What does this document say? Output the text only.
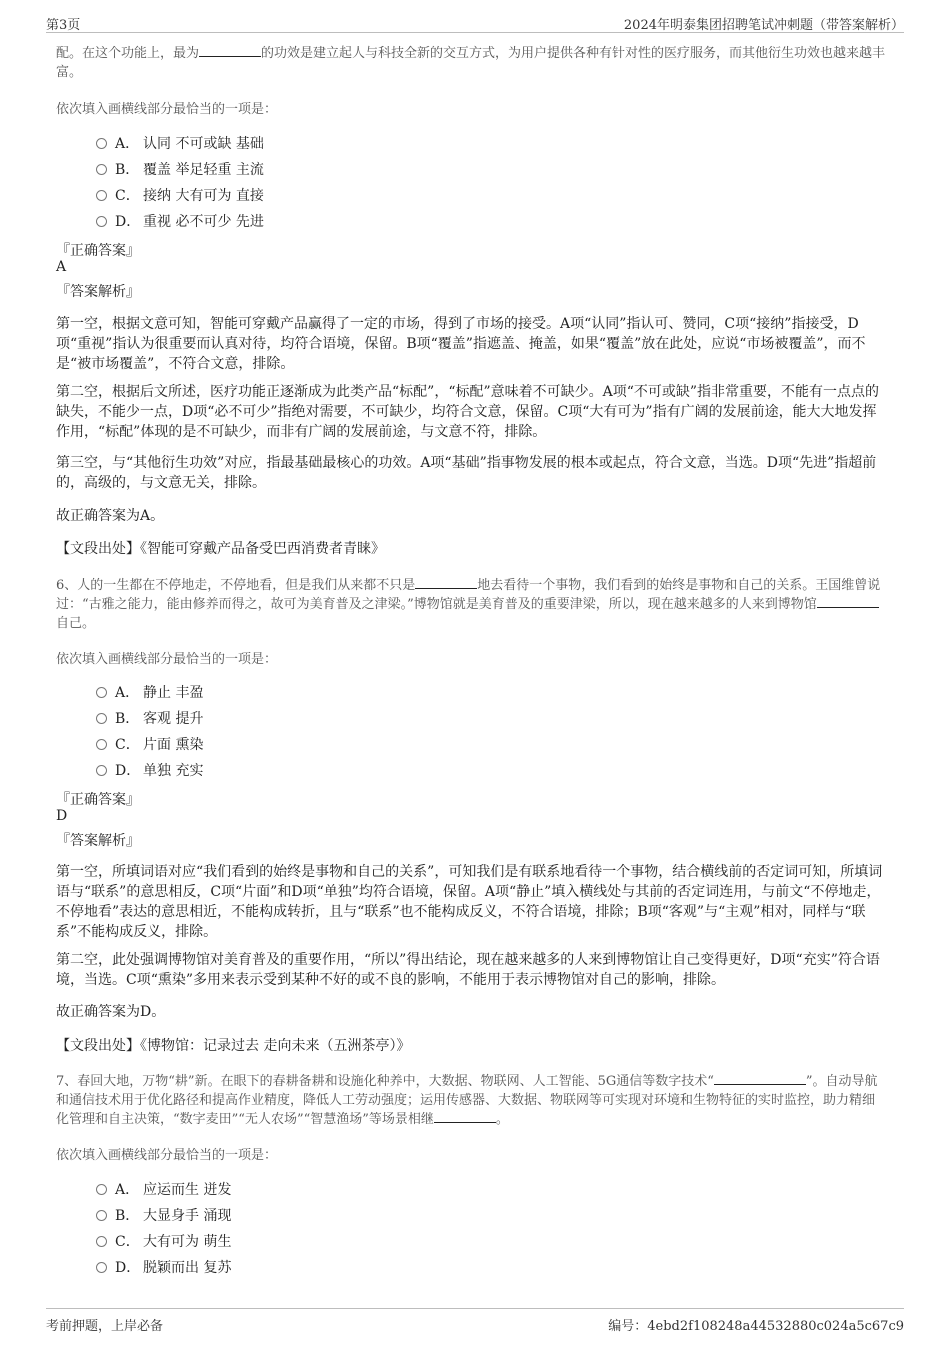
第3页	2024年明泰集团招聘笔试冲刺题（带答案解析）
配。在这个功能上，最为	的功效是建立起人与科技全新的交互方式，为用户提供各种有针对性的医疗服务，而其他衍生功效也越来越丰富。
依次填入画横线部分最恰当的一项是：
A． 认同 不可或缺 基础
B． 覆盖 举足轻重 主流
C． 接纳 大有可为 直接
D． 重视 必不可少 先进
『正确答案』
A
『答案解析』
第一空，根据文意可知，智能可穿戴产品赢得了一定的市场，得到了市场的接受。A项“认同”指认可、赞同，C项“接纳”指接受，D项“重视”指认为很重要而认真对待，均符合语境，保留。B项“覆盖”指遮盖、掩盖，如果“覆盖”放在此处，应说“市场被覆盖”，而不是“被市场覆盖”，不符合文意，排除。
第二空，根据后文所述，医疗功能正逐渐成为此类产品“标配”，“标配”意味着不可缺少。A项“不可或缺”指非常重要，不能有一点点的缺失，不能少一点，D项“必不可少”指绝对需要，不可缺少，均符合文意，保留。C项“大有可为”指有广阔的发展前途，能大大地发挥作用，“标配”体现的是不可缺少，而非有广阔的发展前途，与文意不符，排除。
第三空，与“其他衍生功效”对应，指最基础最核心的功效。A项“基础”指事物发展的根本或起点，符合文意，当选。D项“先进”指超前的，高级的，与文意无关，排除。
故正确答案为A。
【文段出处】《智能可穿戴产品备受巴西消费者青睐》
6、人的一生都在不停地走，不停地看，但是我们从来都不只是	地去看待一个事物，我们看到的始终是事物和自己的关系。王国维曾说过：“古雅之能力，能由修养而得之，故可为美育普及之津梁。”博物馆就是美育普及的重要津梁，所以，现在越来越多的人来到博物馆自己。
依次填入画横线部分最恰当的一项是：
A． 静止 丰盈
B． 客观 提升
C． 片面 熏染
D． 单独 充实
『正确答案』
D
『答案解析』
第一空，所填词语对应“我们看到的始终是事物和自己的关系”，可知我们是有联系地看待一个事物，结合横线前的否定词可知，所填词语与“联系”的意思相反，C项“片面”和D项“单独”均符合语境，保留。A项“静止”填入横线处与其前的否定词连用，与前文“不停地走，不停地看”表达的意思相近，不能构成转折，且与“联系”也不能构成反义，不符合语境，排除；B项“客观”与“主观”相对，同样与“联系”不能构成反义，排除。
第二空，此处强调博物馆对美育普及的重要作用，“所以”得出结论，现在越来越多的人来到博物馆让自己变得更好，D项“充实”符合语境，当选。C项“熏染”多用来表示受到某种不好的或不良的影响，不能用于表示博物馆对自己的影响，排除。
故正确答案为D。
【文段出处】《博物馆：记录过去 走向未来（五洲茶亭）》
7、春回大地，万物“耕”新。在眼下的春耕备耕和设施化种养中，大数据、物联网、人工智能、5G通信等数字技术“	”。自动导航和通信技术用于优化路径和提高作业精度，降低人工劳动强度；运用传感器、大数据、物联网等可实现对环境和生物特征的实时监控，助力精细化管理和自主决策，“数字麦田”“无人农场”“智慧渔场”等场景相继	。
依次填入画横线部分最恰当的一项是：
A． 应运而生 迸发
B． 大显身手 涌现
C． 大有可为 萌生
D． 脱颖而出 复苏
考前押题，上岸必备	编号：4ebd2f108248a44532880c024a5c67c9
